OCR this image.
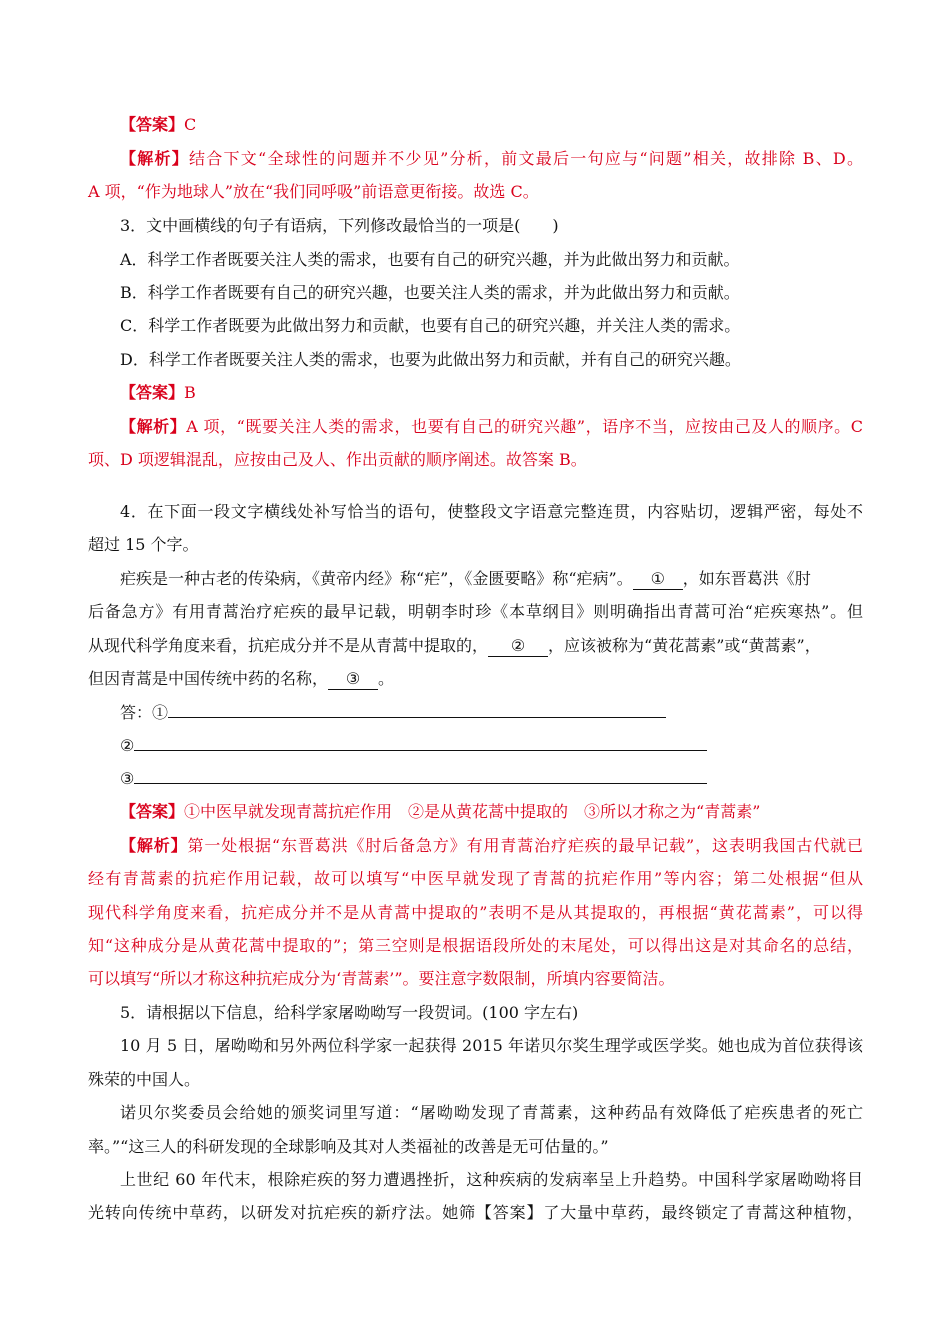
【答案】C
【解析】结合下文“全球性的问题并不少见”分析，前文最后一句应与“问题”相关，故排除 B、D。
A 项，“作为地球人”放在“我们同呼吸”前语意更衔接。故选 C。
3．文中画横线的句子有语病，下列修改最恰当的一项是(　　)
A．科学工作者既要关注人类的需求，也要有自己的研究兴趣，并为此做出努力和贡献。
B．科学工作者既要有自己的研究兴趣，也要关注人类的需求，并为此做出努力和贡献。
C．科学工作者既要为此做出努力和贡献，也要有自己的研究兴趣，并关注人类的需求。
D．科学工作者既要关注人类的需求，也要为此做出努力和贡献，并有自己的研究兴趣。
【答案】B
【解析】A 项，“既要关注人类的需求，也要有自己的研究兴趣”，语序不当，应按由己及人的顺序。C
项、D 项逻辑混乱，应按由己及人、作出贡献的顺序阐述。故答案 B。
4．在下面一段文字横线处补写恰当的语句，使整段文字语意完整连贯，内容贴切，逻辑严密，每处不
超过 15 个字。
疟疾是一种古老的传染病，《黄帝内经》称“疟”，《金匮要略》称“疟病”。 ① ，如东晋葛洪《肘
后备急方》有用青蒿治疗疟疾的最早记载，明朝李时珍《本草纲目》则明确指出青蒿可治“疟疾寒热”。但
从现代科学角度来看，抗疟成分并不是从青蒿中提取的， ② ，应该被称为“黄花蒿素”或“黄蒿素”，
但因青蒿是中国传统中药的名称， ③ 。
答：①
②
③
【答案】①中医早就发现青蒿抗疟作用　②是从黄花蒿中提取的　③所以才称之为“青蒿素”
【解析】第一处根据“东晋葛洪《肘后备急方》有用青蒿治疗疟疾的最早记载”，这表明我国古代就已
经有青蒿素的抗疟作用记载，故可以填写“中医早就发现了青蒿的抗疟作用”等内容；第二处根据“但从
现代科学角度来看，抗疟成分并不是从青蒿中提取的”表明不是从其提取的，再根据“黄花蒿素”，可以得
知“这种成分是从黄花蒿中提取的”；第三空则是根据语段所处的末尾处，可以得出这是对其命名的总结，
可以填写“所以才称这种抗疟成分为‘青蒿素’”。要注意字数限制，所填内容要简洁。
5．请根据以下信息，给科学家屠呦呦写一段贺词。(100 字左右)
10 月 5 日，屠呦呦和另外两位科学家一起获得 2015 年诺贝尔奖生理学或医学奖。她也成为首位获得该
殊荣的中国人。
诺贝尔奖委员会给她的颁奖词里写道：“屠呦呦发现了青蒿素，这种药品有效降低了疟疾患者的死亡
率。”“这三人的科研发现的全球影响及其对人类福祉的改善是无可估量的。”
上世纪 60 年代末，根除疟疾的努力遭遇挫折，这种疾病的发病率呈上升趋势。中国科学家屠呦呦将目
光转向传统中草药，以研发对抗疟疾的新疗法。她筛【答案】了大量中草药，最终锁定了青蒿这种植物，
